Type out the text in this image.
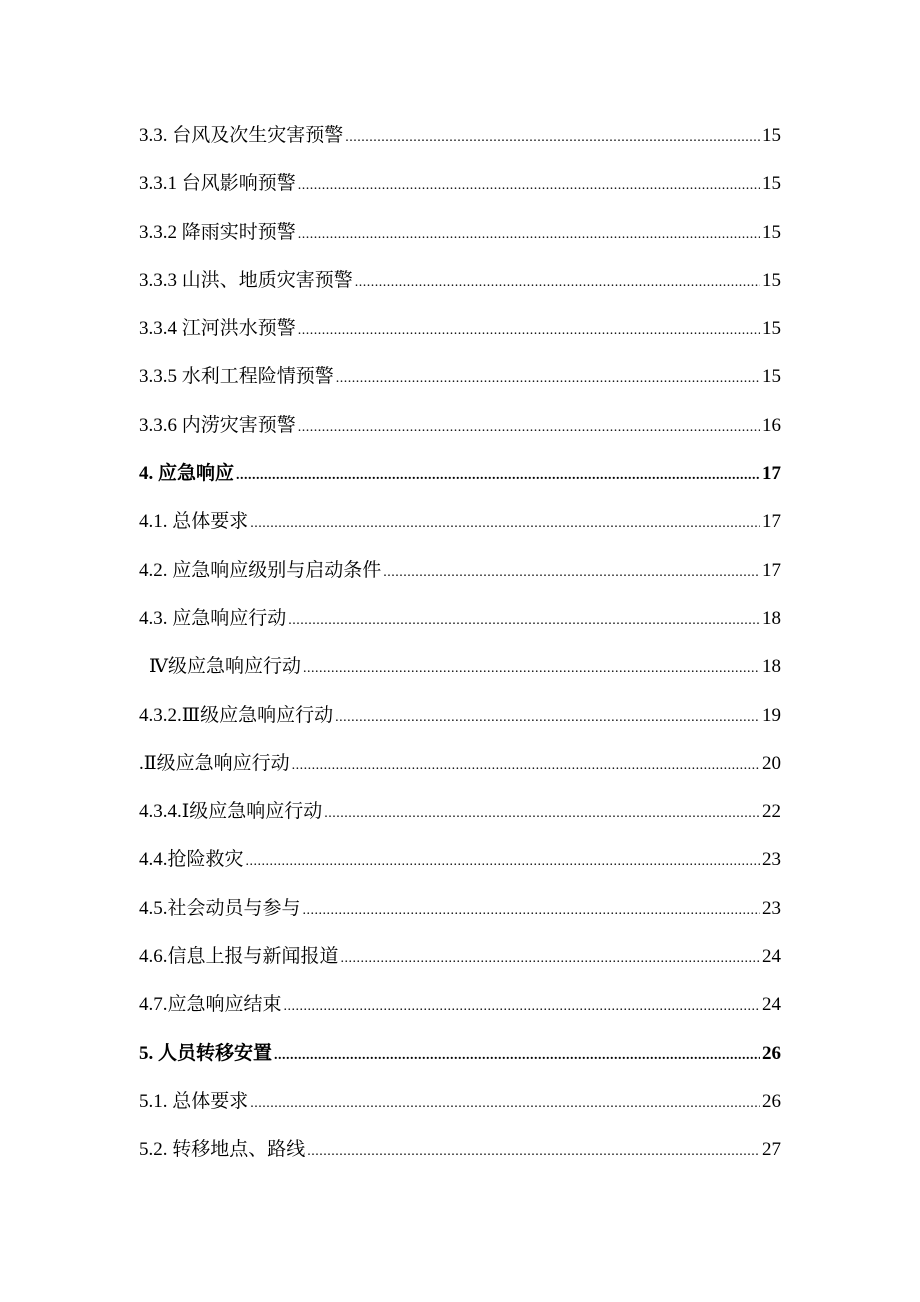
3.3. 台风及次生灾害预警 .....	15
3.3.1 台风影响预警 .....	15
3.3.2 降雨实时预警 .....	15
3.3.3 山洪、地质灾害预警 .....	15
3.3.4 江河洪水预警 .....	15
3.3.5 水利工程险情预警 .....	15
3.3.6 内涝灾害预警 .....	16
4. 应急响应 .....	17
4.1. 总体要求 .....	17
4.2. 应急响应级别与启动条件 .....	17
4.3. 应急响应行动 .....	18
Ⅳ级应急响应行动 .....	18
4.3.2.Ⅲ级应急响应行动 .....	19
.Ⅱ级应急响应行动 .....	20
4.3.4.Ⅰ级应急响应行动 .....	22
4.4.抢险救灾 .....	23
4.5.社会动员与参与 .....	23
4.6.信息上报与新闻报道 .....	24
4.7.应急响应结束 .....	24
5. 人员转移安置 .....	26
5.1. 总体要求 .....	26
5.2. 转移地点、路线 .....	27
